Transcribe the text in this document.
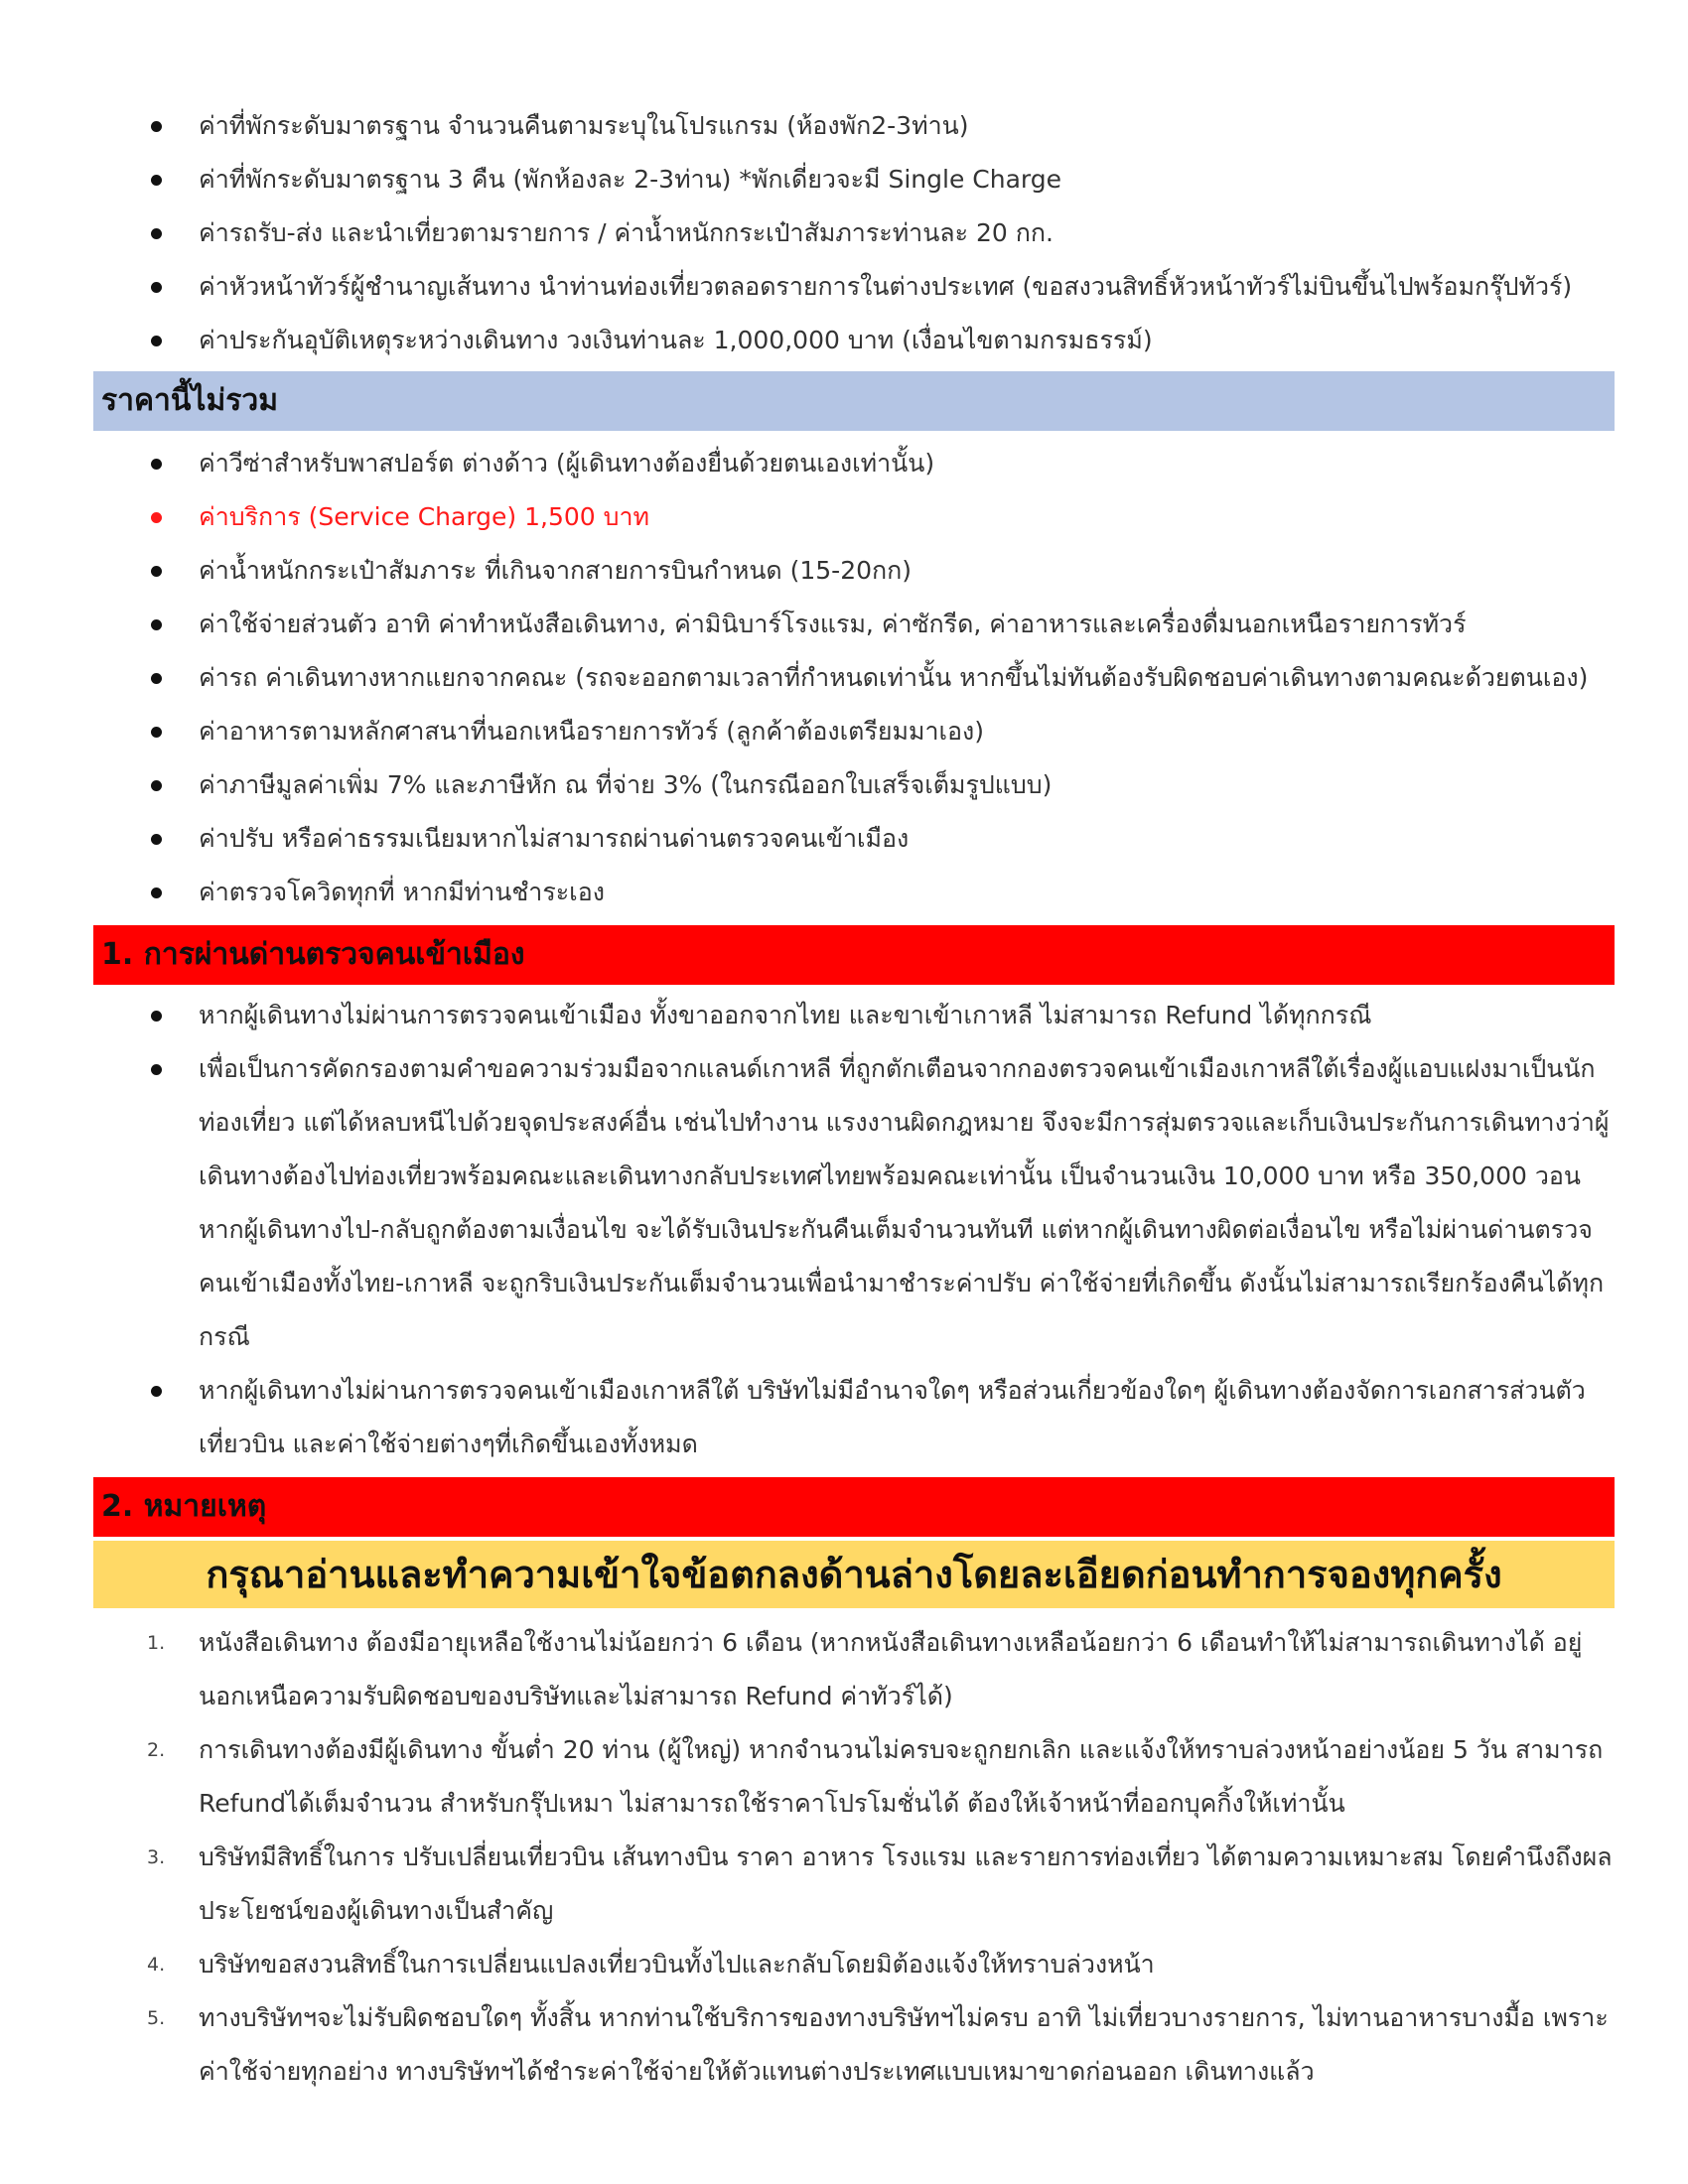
ค่าที่พักระดับมาตรฐาน จำนวนคืนตามระบุในโปรแกรม (ห้องพัก2-3ท่าน)
ค่าที่พักระดับมาตรฐาน 3 คืน (พักห้องละ 2-3ท่าน) *พักเดี่ยวจะมี Single Charge
ค่ารถรับ-ส่ง และนำเที่ยวตามรายการ / ค่าน้ำหนักกระเป๋าสัมภาระท่านละ 20 กก.
ค่าหัวหน้าทัวร์ผู้ชำนาญเส้นทาง นำท่านท่องเที่ยวตลอดรายการในต่างประเทศ (ขอสงวนสิทธิ์หัวหน้าทัวร์ไม่บินขึ้นไปพร้อมกรุ๊ปทัวร์)
ค่าประกันอุบัติเหตุระหว่างเดินทาง วงเงินท่านละ 1,000,000 บาท (เงื่อนไขตามกรมธรรม์)
ราคานี้ไม่รวม
ค่าวีซ่าสำหรับพาสปอร์ต ต่างด้าว (ผู้เดินทางต้องยื่นด้วยตนเองเท่านั้น)
ค่าบริการ (Service Charge) 1,500 บาท
ค่าน้ำหนักกระเป๋าสัมภาระ ที่เกินจากสายการบินกำหนด (15-20กก)
ค่าใช้จ่ายส่วนตัว อาทิ ค่าทำหนังสือเดินทาง, ค่ามินิบาร์โรงแรม, ค่าซักรีด, ค่าอาหารและเครื่องดื่มนอกเหนือรายการทัวร์
ค่ารถ ค่าเดินทางหากแยกจากคณะ (รถจะออกตามเวลาที่กำหนดเท่านั้น หากขึ้นไม่ทันต้องรับผิดชอบค่าเดินทางตามคณะด้วยตนเอง)
ค่าอาหารตามหลักศาสนาที่นอกเหนือรายการทัวร์ (ลูกค้าต้องเตรียมมาเอง)
ค่าภาษีมูลค่าเพิ่ม 7% และภาษีหัก ณ ที่จ่าย 3% (ในกรณีออกใบเสร็จเต็มรูปแบบ)
ค่าปรับ หรือค่าธรรมเนียมหากไม่สามารถผ่านด่านตรวจคนเข้าเมือง
ค่าตรวจโควิดทุกที่ หากมีท่านชำระเอง
1. การผ่านด่านตรวจคนเข้าเมือง
หากผู้เดินทางไม่ผ่านการตรวจคนเข้าเมือง ทั้งขาออกจากไทย และขาเข้าเกาหลี ไม่สามารถ Refund ได้ทุกกรณี
เพื่อเป็นการคัดกรองตามคำขอความร่วมมือจากแลนด์เกาหลี ที่ถูกตักเตือนจากกองตรวจคนเข้าเมืองเกาหลีใต้เรื่องผู้แอบแฝงมาเป็นนักท่องเที่ยว แต่ได้หลบหนีไปด้วยจุดประสงค์อื่น เช่นไปทำงาน แรงงานผิดกฎหมาย จึงจะมีการสุ่มตรวจและเก็บเงินประกันการเดินทางว่าผู้เดินทางต้องไปท่องเที่ยวพร้อมคณะและเดินทางกลับประเทศไทยพร้อมคณะเท่านั้น เป็นจำนวนเงิน 10,000 บาท หรือ 350,000 วอน หากผู้เดินทางไป-กลับถูกต้องตามเงื่อนไข จะได้รับเงินประกันคืนเต็มจำนวนทันที แต่หากผู้เดินทางผิดต่อเงื่อนไข หรือไม่ผ่านด่านตรวจคนเข้าเมืองทั้งไทย-เกาหลี จะถูกริบเงินประกันเต็มจำนวนเพื่อนำมาชำระค่าปรับ ค่าใช้จ่ายที่เกิดขึ้น ดังนั้นไม่สามารถเรียกร้องคืนได้ทุกกรณี
หากผู้เดินทางไม่ผ่านการตรวจคนเข้าเมืองเกาหลีใต้ บริษัทไม่มีอำนาจใดๆ หรือส่วนเกี่ยวข้องใดๆ ผู้เดินทางต้องจัดการเอกสารส่วนตัว เที่ยวบิน และค่าใช้จ่ายต่างๆที่เกิดขึ้นเองทั้งหมด
2. หมายเหตุ
กรุณาอ่านและทำความเข้าใจข้อตกลงด้านล่างโดยละเอียดก่อนทำการจองทุกครั้ง
1. หนังสือเดินทาง ต้องมีอายุเหลือใช้งานไม่น้อยกว่า 6 เดือน (หากหนังสือเดินทางเหลือน้อยกว่า 6 เดือนทำให้ไม่สามารถเดินทางได้ อยู่นอกเหนือความรับผิดชอบของบริษัทและไม่สามารถ Refund ค่าทัวร์ได้)
2. การเดินทางต้องมีผู้เดินทาง ขั้นต่ำ 20 ท่าน (ผู้ใหญ่) หากจำนวนไม่ครบจะถูกยกเลิก และแจ้งให้ทราบล่วงหน้าอย่างน้อย 5 วัน สามารถ Refundได้เต็มจำนวน สำหรับกรุ๊ปเหมา ไม่สามารถใช้ราคาโปรโมชั่นได้ ต้องให้เจ้าหน้าที่ออกบุคกิ้งให้เท่านั้น
3. บริษัทมีสิทธิ์ในการ ปรับเปลี่ยนเที่ยวบิน เส้นทางบิน ราคา อาหาร โรงแรม และรายการท่องเที่ยว ได้ตามความเหมาะสม โดยคำนึงถึงผลประโยชน์ของผู้เดินทางเป็นสำคัญ
4. บริษัทขอสงวนสิทธิ์ในการเปลี่ยนแปลงเที่ยวบินทั้งไปและกลับโดยมิต้องแจ้งให้ทราบล่วงหน้า
5. ทางบริษัทฯจะไม่รับผิดชอบใดๆ ทั้งสิ้น หากท่านใช้บริการของทางบริษัทฯไม่ครบ อาทิ ไม่เที่ยวบางรายการ, ไม่ทานอาหารบางมื้อ เพราะค่าใช้จ่ายทุกอย่าง ทางบริษัทฯได้ชำระค่าใช้จ่ายให้ตัวแทนต่างประเทศแบบเหมาขาดก่อนออก เดินทางแล้ว
